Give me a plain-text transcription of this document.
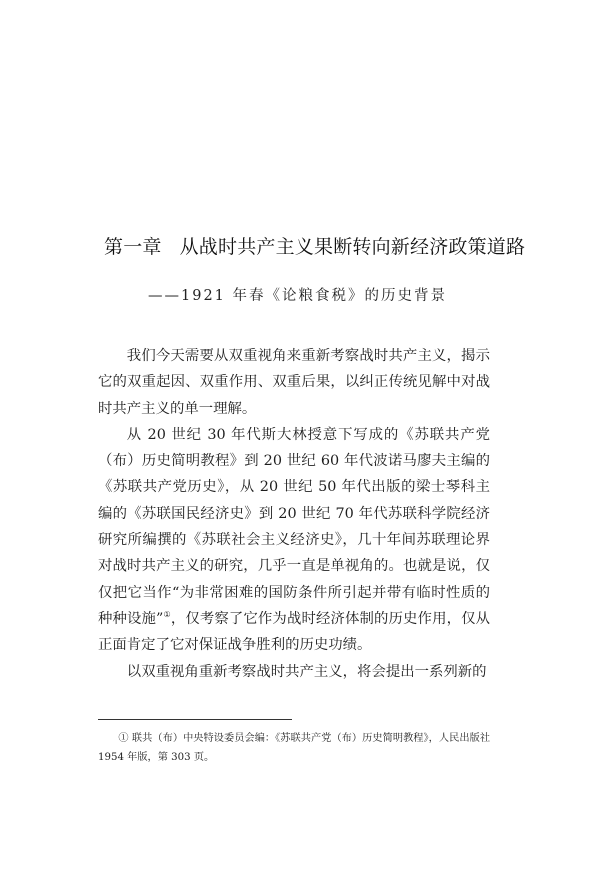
第一章 从战时共产主义果断转向新经济政策道路
——1921 年春《论粮食税》的历史背景

我们今天需要从双重视角来重新考察战时共产主义，揭示它的双重起因、双重作用、双重后果，以纠正传统见解中对战时共产主义的单一理解。

从 20 世纪 30 年代斯大林授意下写成的《苏联共产党（布）历史简明教程》到 20 世纪 60 年代波诺马廖夫主编的《苏联共产党历史》，从 20 世纪 50 年代出版的梁士琴科主编的《苏联国民经济史》到 20 世纪 70 年代苏联科学院经济研究所编撰的《苏联社会主义经济史》，几十年间苏联理论界对战时共产主义的研究，几乎一直是单视角的。也就是说，仅仅把它当作“为非常困难的国防条件所引起并带有临时性质的种种设施”①，仅考察了它作为战时经济体制的历史作用，仅从正面肯定了它对保证战争胜利的历史功绩。

以双重视角重新考察战时共产主义，将会提出一系列新的

① 联共（布）中央特设委员会编：《苏联共产党（布）历史简明教程》，人民出版社 1954 年版，第 303 页。
